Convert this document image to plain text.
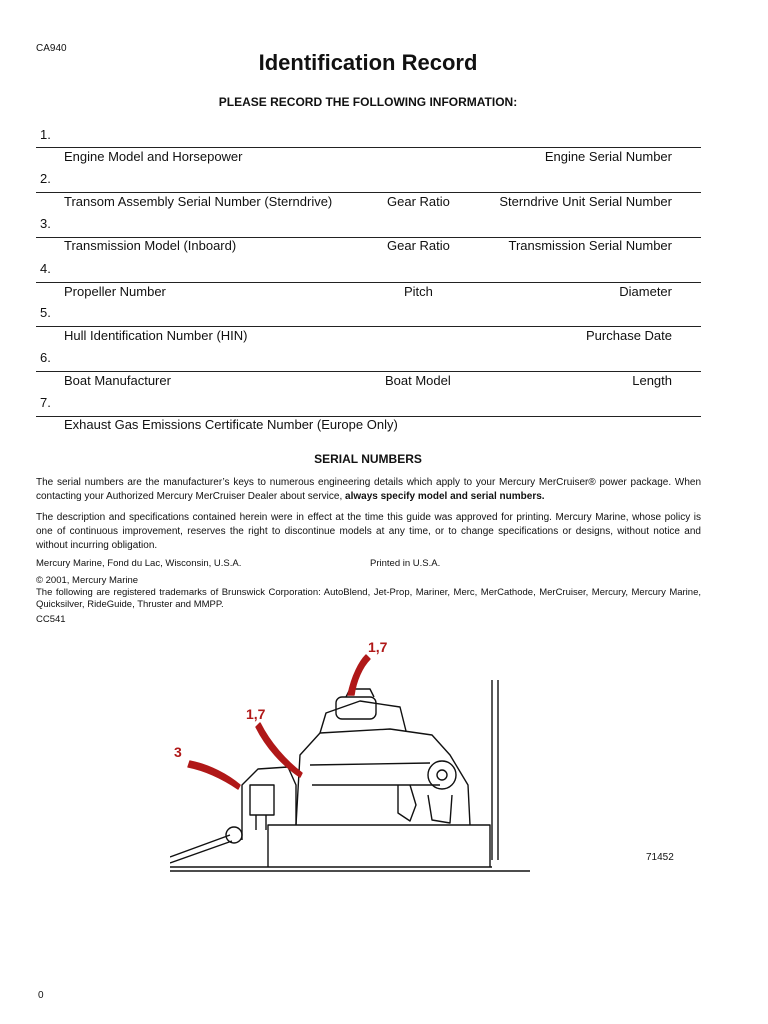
CA940
Identification Record
PLEASE RECORD THE FOLLOWING INFORMATION:
1.
Engine Model and Horsepower	Engine Serial Number
2.
Transom Assembly Serial Number (Sterndrive)	Gear Ratio	Sterndrive Unit Serial Number
3.
Transmission Model (Inboard)	Gear Ratio	Transmission Serial Number
4.
Propeller Number	Pitch	Diameter
5.
Hull Identification Number (HIN)	Purchase Date
6.
Boat Manufacturer	Boat Model	Length
7.
Exhaust Gas Emissions Certificate Number (Europe Only)
SERIAL NUMBERS
The serial numbers are the manufacturer’s keys to numerous engineering details which apply to your Mercury MerCruiser® power package. When contacting your Authorized Mercury MerCruiser Dealer about service, always specify model and serial numbers.
The description and specifications contained herein were in effect at the time this guide was approved for printing. Mercury Marine, whose policy is one of continuous improvement, reserves the right to discontinue models at any time, or to change specifications or designs, without notice and without incurring obligation.
Mercury Marine, Fond du Lac, Wisconsin, U.S.A.	Printed in U.S.A.
© 2001, Mercury Marine
The following are registered trademarks of Brunswick Corporation: AutoBlend, Jet-Prop, Mariner, Merc, MerCathode, MerCruiser, Mercury, Mercury Marine, Quicksilver, RideGuide, Thruster and MMPP.
CC541
1,7
1,7
3
71452
0
